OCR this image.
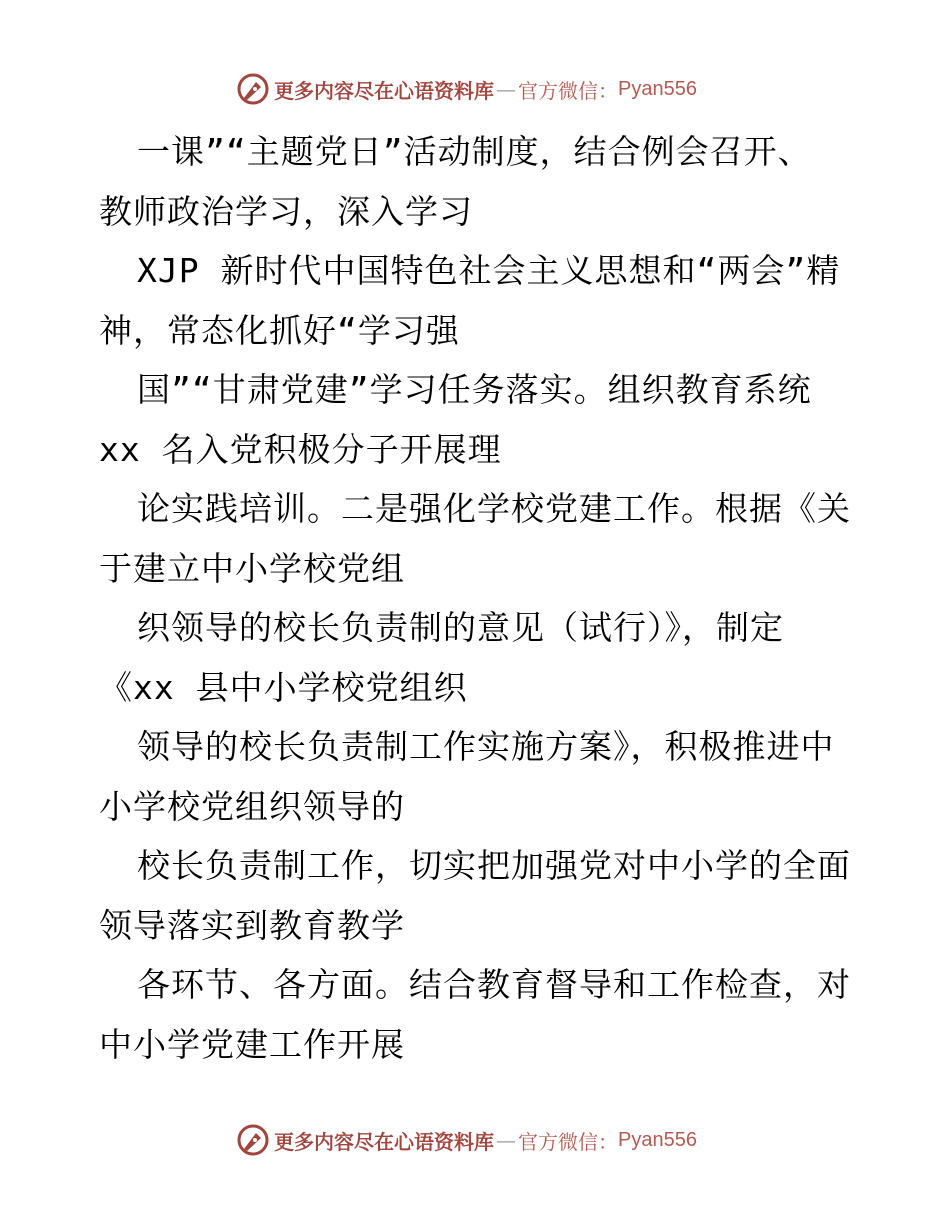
更多内容尽在心语资料库 — 官方微信： Pyan556
一课”“主题党日”活动制度，结合例会召开、
教师政治学习，深入学习
XJP 新时代中国特色社会主义思想和“两会”精
神，常态化抓好“学习强
国”“甘肃党建”学习任务落实。组织教育系统
xx 名入党积极分子开展理
论实践培训。二是强化学校党建工作。根据《关
于建立中小学校党组
织领导的校长负责制的意见（试行）》，制定
《xx 县中小学校党组织
领导的校长负责制工作实施方案》，积极推进中
小学校党组织领导的
校长负责制工作，切实把加强党对中小学的全面
领导落实到教育教学
各环节、各方面。结合教育督导和工作检查，对
中小学党建工作开展
更多内容尽在心语资料库 — 官方微信： Pyan556
